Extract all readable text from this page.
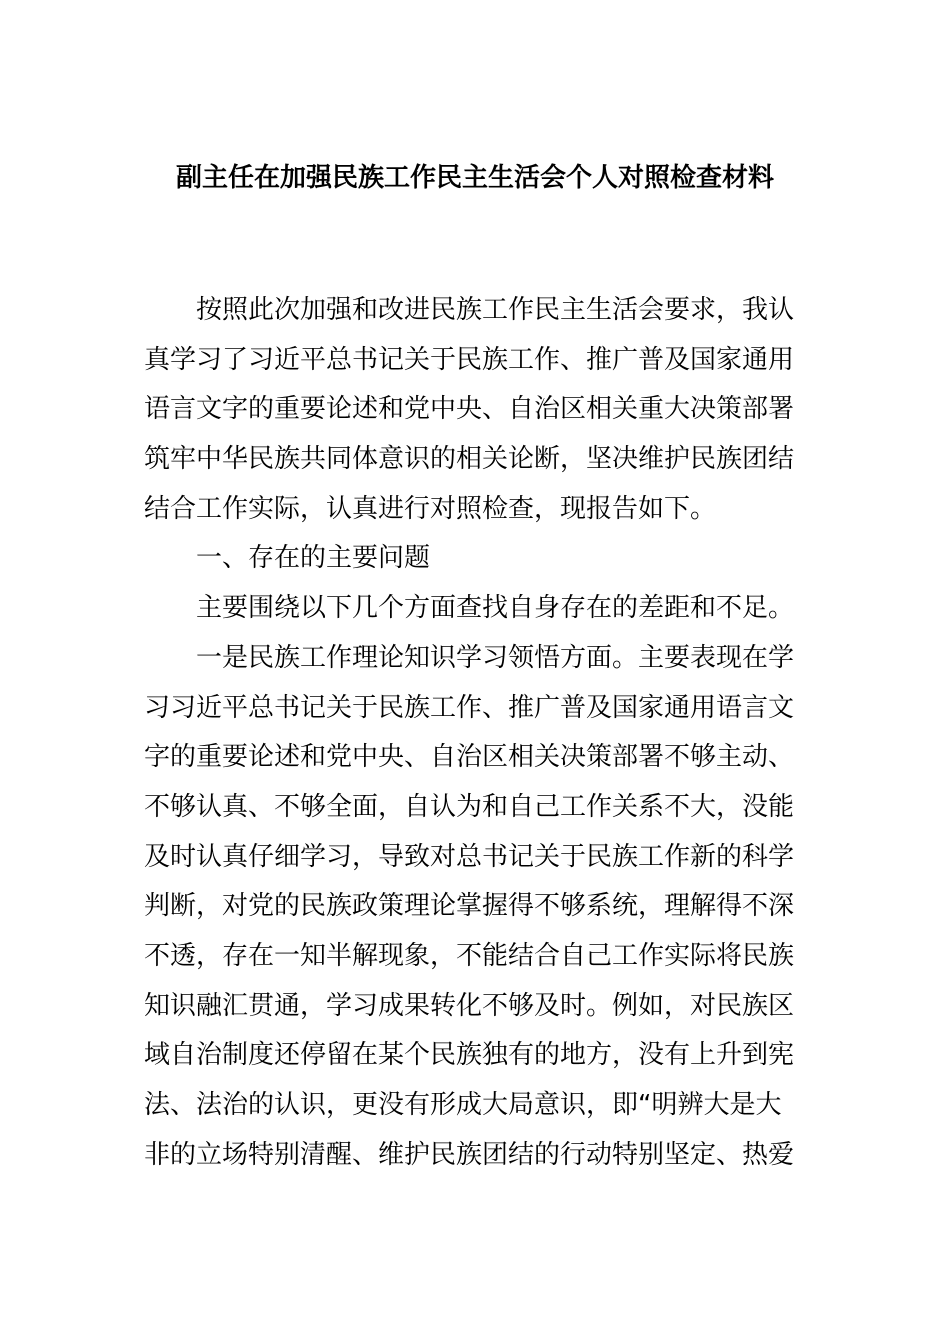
副主任在加强民族工作民主生活会个人对照检查材料
按照此次加强和改进民族工作民主生活会要求，我认
真学习了习近平总书记关于民族工作、推广普及国家通用
语言文字的重要论述和党中央、自治区相关重大决策部署
筑牢中华民族共同体意识的相关论断，坚决维护民族团结
结合工作实际，认真进行对照检查，现报告如下。
一、存在的主要问题
主要围绕以下几个方面查找自身存在的差距和不足。
一是民族工作理论知识学习领悟方面。主要表现在学
习习近平总书记关于民族工作、推广普及国家通用语言文
字的重要论述和党中央、自治区相关决策部署不够主动、
不够认真、不够全面，自认为和自己工作关系不大，没能
及时认真仔细学习，导致对总书记关于民族工作新的科学
判断，对党的民族政策理论掌握得不够系统，理解得不深
不透，存在一知半解现象，不能结合自己工作实际将民族
知识融汇贯通，学习成果转化不够及时。例如，对民族区
域自治制度还停留在某个民族独有的地方，没有上升到宪
法、法治的认识，更没有形成大局意识，即“明辨大是大
非的立场特别清醒、维护民族团结的行动特别坚定、热爱
